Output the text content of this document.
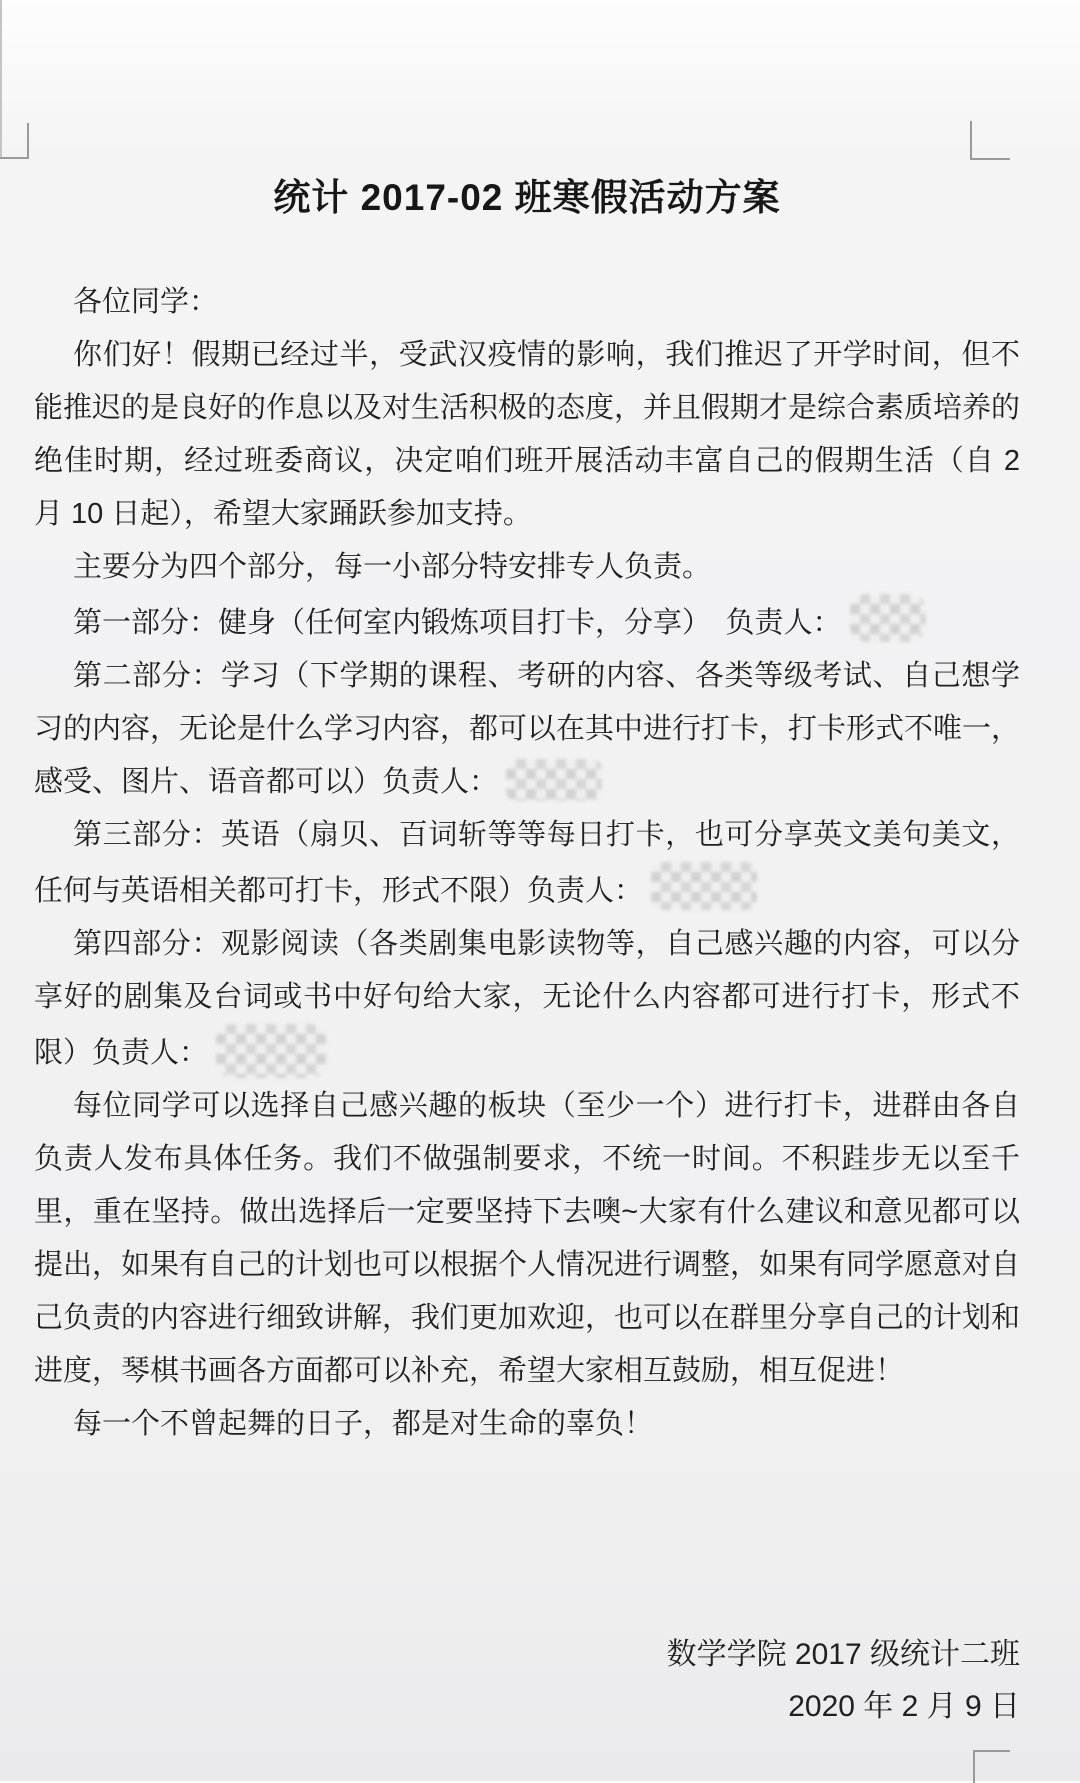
统计 2017-02 班寒假活动方案

各位同学：

你们好！假期已经过半，受武汉疫情的影响，我们推迟了开学时间，但不能推迟的是良好的作息以及对生活积极的态度，并且假期才是综合素质培养的绝佳时期，经过班委商议，决定咱们班开展活动丰富自己的假期生活（自 2 月 10 日起），希望大家踊跃参加支持。

主要分为四个部分，每一小部分特安排专人负责。

第一部分：健身（任何室内锻炼项目打卡，分享）　负责人：

第二部分：学习（下学期的课程、考研的内容、各类等级考试、自己想学习的内容，无论是什么学习内容，都可以在其中进行打卡，打卡形式不唯一，感受、图片、语音都可以）负责人：

第三部分：英语（扇贝、百词斩等等每日打卡，也可分享英文美句美文，任何与英语相关都可打卡，形式不限）负责人：

第四部分：观影阅读（各类剧集电影读物等，自己感兴趣的内容，可以分享好的剧集及台词或书中好句给大家，无论什么内容都可进行打卡，形式不限）负责人：

每位同学可以选择自己感兴趣的板块（至少一个）进行打卡，进群由各自负责人发布具体任务。我们不做强制要求，不统一时间。不积跬步无以至千里，重在坚持。做出选择后一定要坚持下去噢~大家有什么建议和意见都可以提出，如果有自己的计划也可以根据个人情况进行调整，如果有同学愿意对自己负责的内容进行细致讲解，我们更加欢迎，也可以在群里分享自己的计划和进度，琴棋书画各方面都可以补充，希望大家相互鼓励，相互促进！

每一个不曾起舞的日子，都是对生命的辜负！

数学学院 2017 级统计二班

2020 年 2 月 9 日
